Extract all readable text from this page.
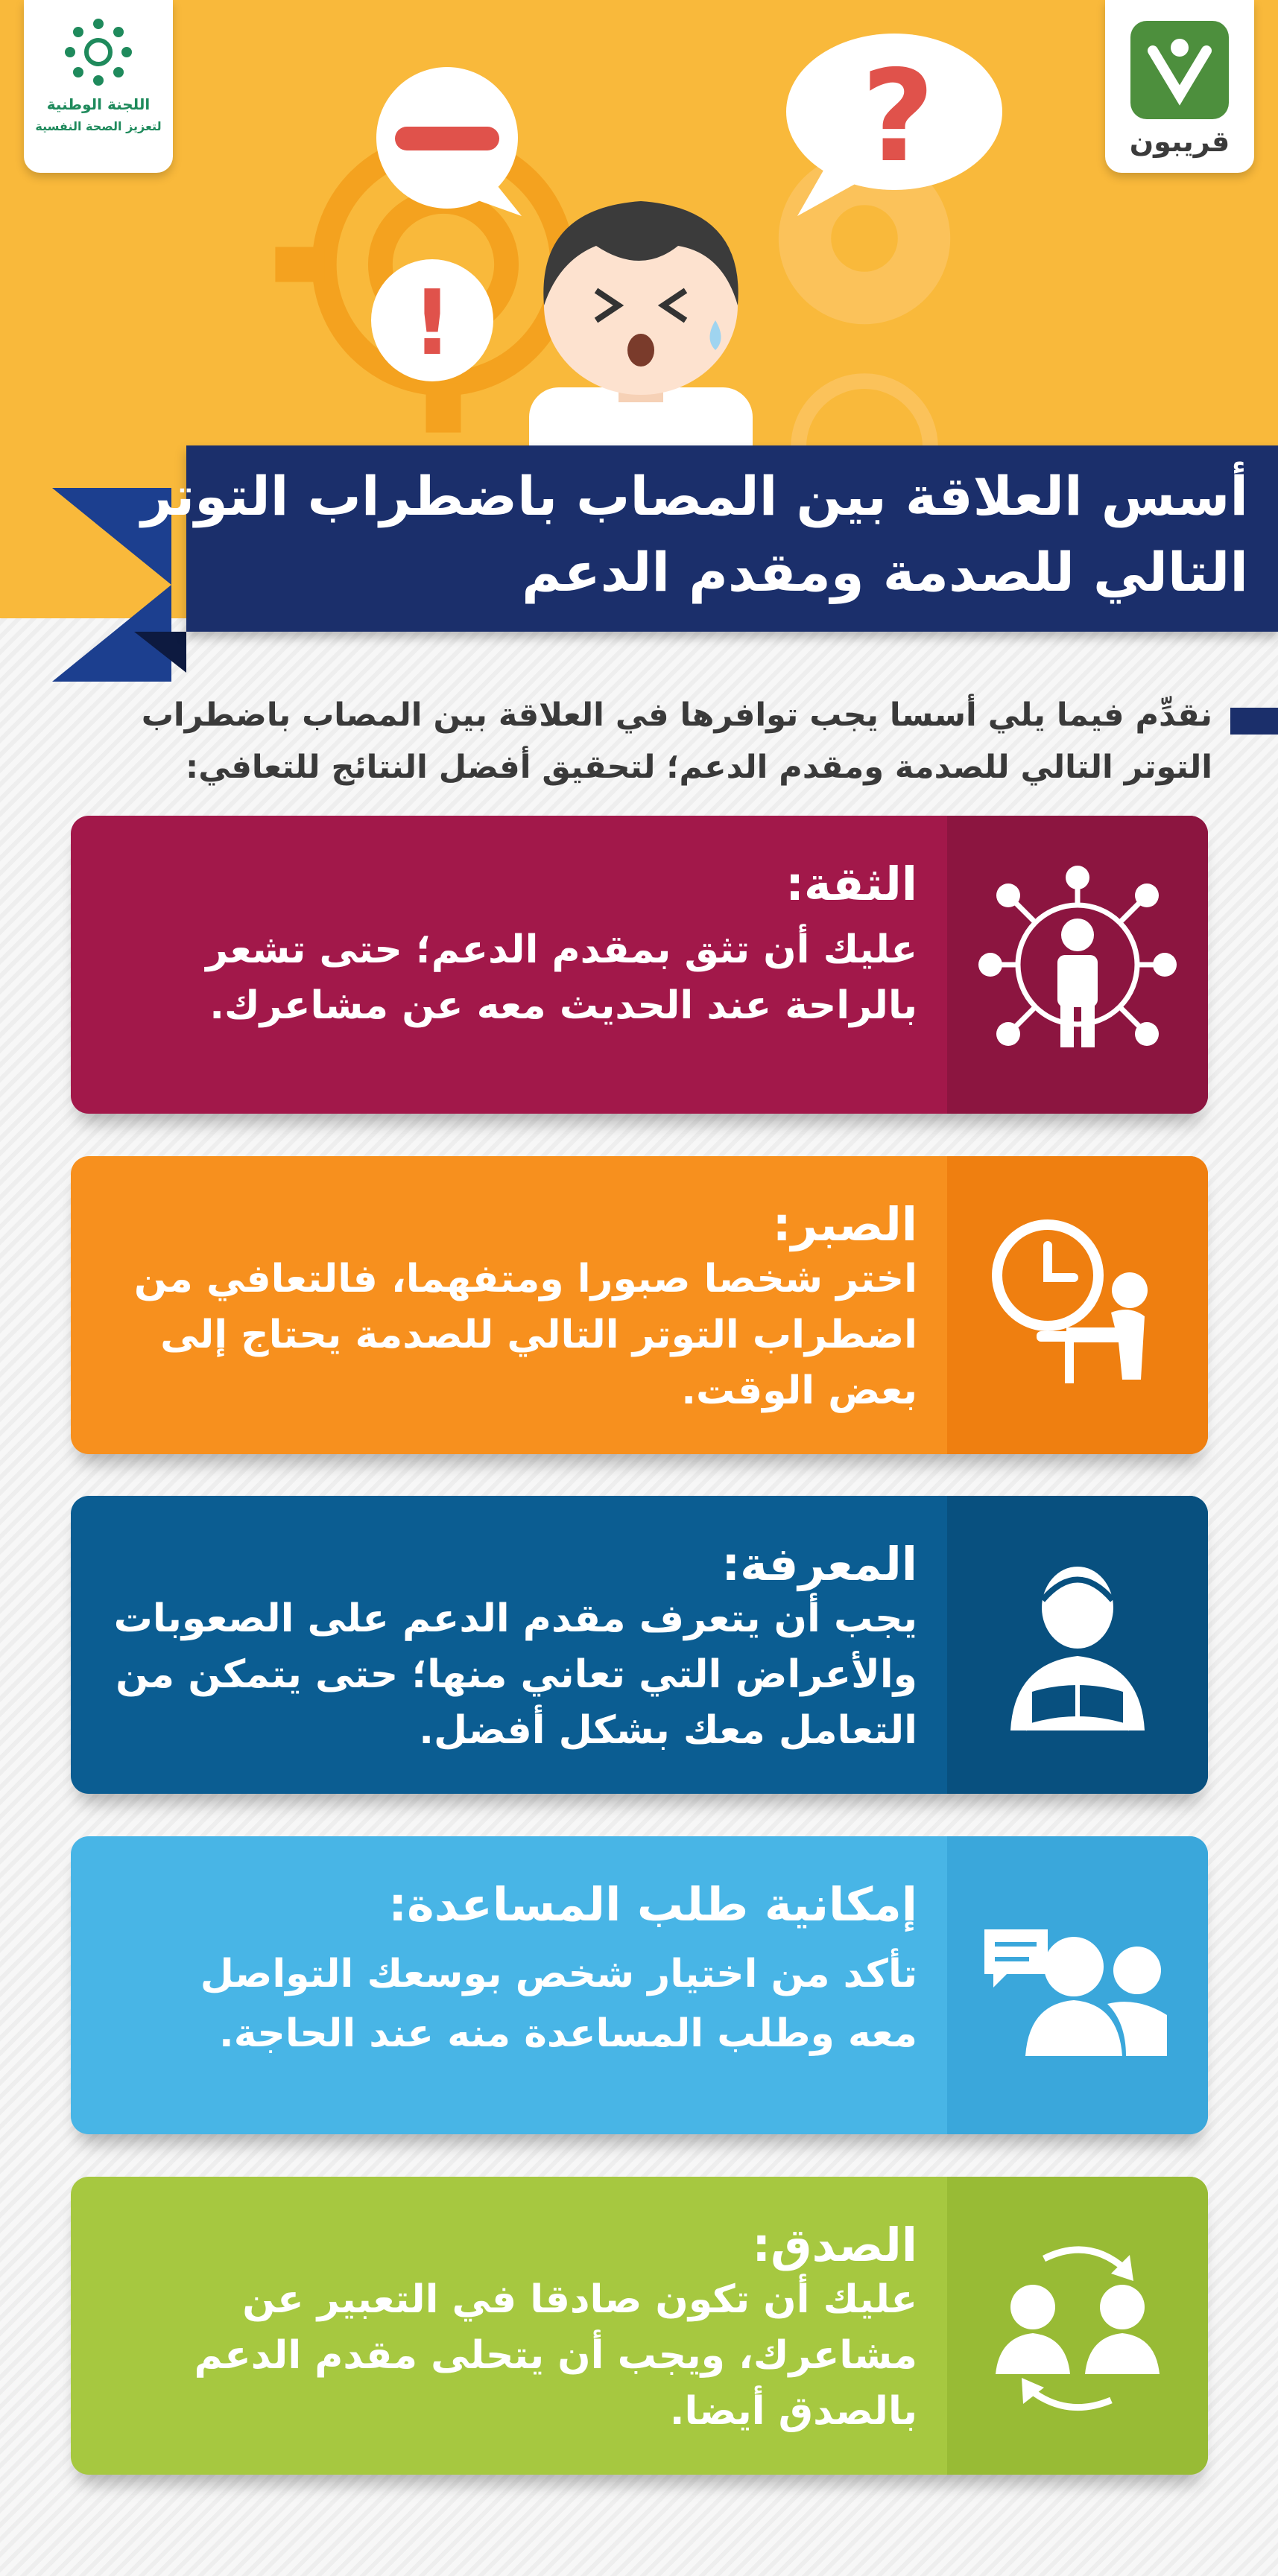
?
!
قريبون
اللجنة الوطنية
لتعزيز الصحة النفسية
أسس العلاقة بين المصاب باضطراب التوتر
التالي للصدمة ومقدم الدعم
نقدِّم فيما يلي أسسا يجب توافرها في العلاقة بين المصاب باضطراب
التوتر التالي للصدمة ومقدم الدعم؛ لتحقيق أفضل النتائج للتعافي:
الثقة:
عليك أن تثق بمقدم الدعم؛ حتى تشعر
بالراحة عند الحديث معه عن مشاعرك.
الصبر:
اختر شخصا صبورا ومتفهما، فالتعافي من
اضطراب التوتر التالي للصدمة يحتاج إلى
بعض الوقت.
المعرفة:
يجب أن يتعرف مقدم الدعم على الصعوبات
والأعراض التي تعاني منها؛ حتى يتمكن من
التعامل معك بشكل أفضل.
إمكانية طلب المساعدة:
تأكد من اختيار شخص بوسعك التواصل
معه وطلب المساعدة منه عند الحاجة.
الصدق:
عليك أن تكون صادقا في التعبير عن
مشاعرك، ويجب أن يتحلى مقدم الدعم
بالصدق أيضا.
